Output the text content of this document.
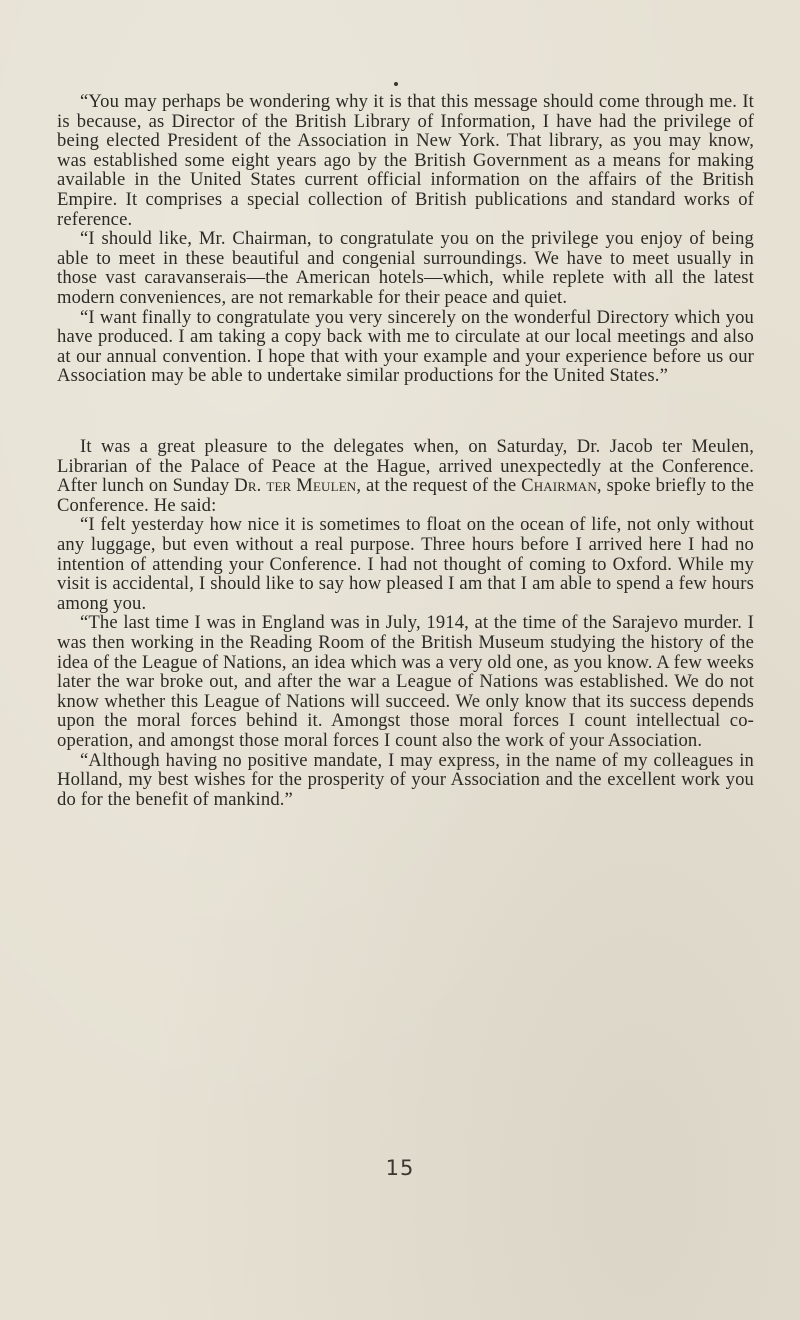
“You may perhaps be wondering why it is that this message should come through me. It is because, as Director of the British Library of Information, I have had the privilege of being elected President of the Association in New York. That library, as you may know, was established some eight years ago by the British Government as a means for making available in the United States current official information on the affairs of the British Empire. It comprises a special collection of British publications and standard works of reference.

“I should like, Mr. Chairman, to congratulate you on the privilege you enjoy of being able to meet in these beautiful and congenial surroundings. We have to meet usually in those vast caravanserais—the American hotels—which, while replete with all the latest modern conveniences, are not remarkable for their peace and quiet.

“I want finally to congratulate you very sincerely on the wonderful Directory which you have produced. I am taking a copy back with me to circulate at our local meetings and also at our annual convention. I hope that with your example and your experience before us our Association may be able to undertake similar productions for the United States.”

It was a great pleasure to the delegates when, on Saturday, Dr. Jacob ter Meulen, Librarian of the Palace of Peace at the Hague, arrived unexpectedly at the Conference. After lunch on Sunday Dr. ter Meulen, at the request of the Chairman, spoke briefly to the Conference. He said:

“I felt yesterday how nice it is sometimes to float on the ocean of life, not only without any luggage, but even without a real purpose. Three hours before I arrived here I had no intention of attending your Conference. I had not thought of coming to Oxford. While my visit is accidental, I should like to say how pleased I am that I am able to spend a few hours among you.

“The last time I was in England was in July, 1914, at the time of the Sarajevo murder. I was then working in the Reading Room of the British Museum studying the history of the idea of the League of Nations, an idea which was a very old one, as you know. A few weeks later the war broke out, and after the war a League of Nations was established. We do not know whether this League of Nations will succeed. We only know that its success depends upon the moral forces behind it. Amongst those moral forces I count intellectual co-operation, and amongst those moral forces I count also the work of your Association.

“Although having no positive mandate, I may express, in the name of my colleagues in Holland, my best wishes for the prosperity of your Association and the excellent work you do for the benefit of mankind.”

15
